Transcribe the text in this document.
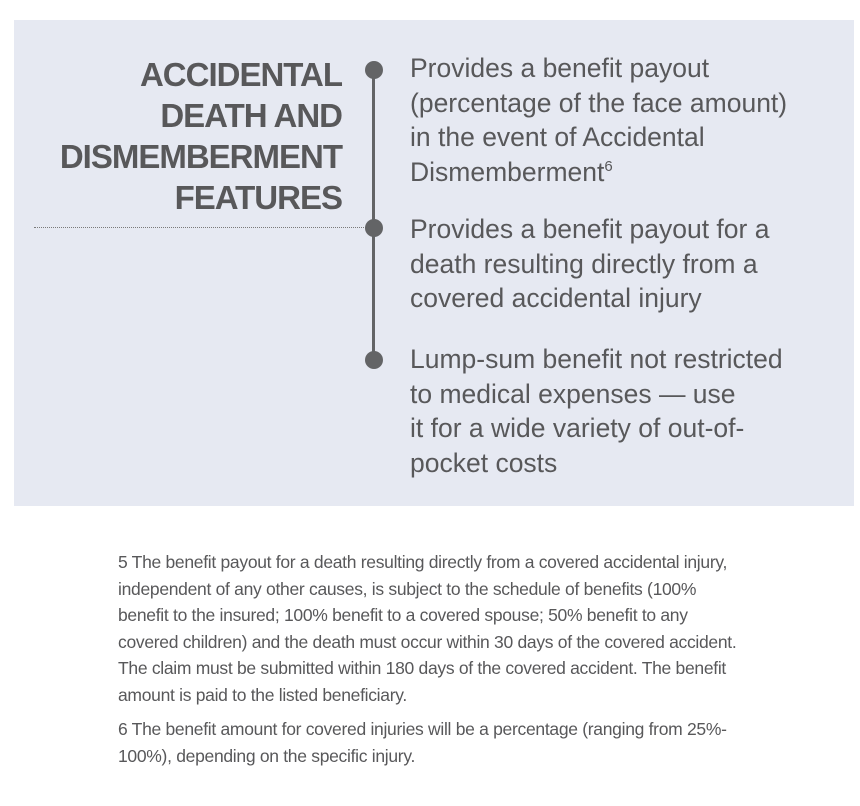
ACCIDENTAL
DEATH AND
DISMEMBERMENT
FEATURES
Provides a benefit payout
(percentage of the face amount)
in the event of Accidental
Dismemberment$^6$
Provides a benefit payout for a
death resulting directly from a
covered accidental injury
Lump-sum benefit not restricted
to medical expenses — use
it for a wide variety of out-of-
pocket costs
5 The benefit payout for a death resulting directly from a covered accidental injury,
independent of any other causes, is subject to the schedule of benefits (100%
benefit to the insured; 100% benefit to a covered spouse; 50% benefit to any
covered children) and the death must occur within 30 days of the covered accident.
The claim must be submitted within 180 days of the covered accident. The benefit
amount is paid to the listed beneficiary.
6 The benefit amount for covered injuries will be a percentage (ranging from 25%-
100%), depending on the specific injury.
